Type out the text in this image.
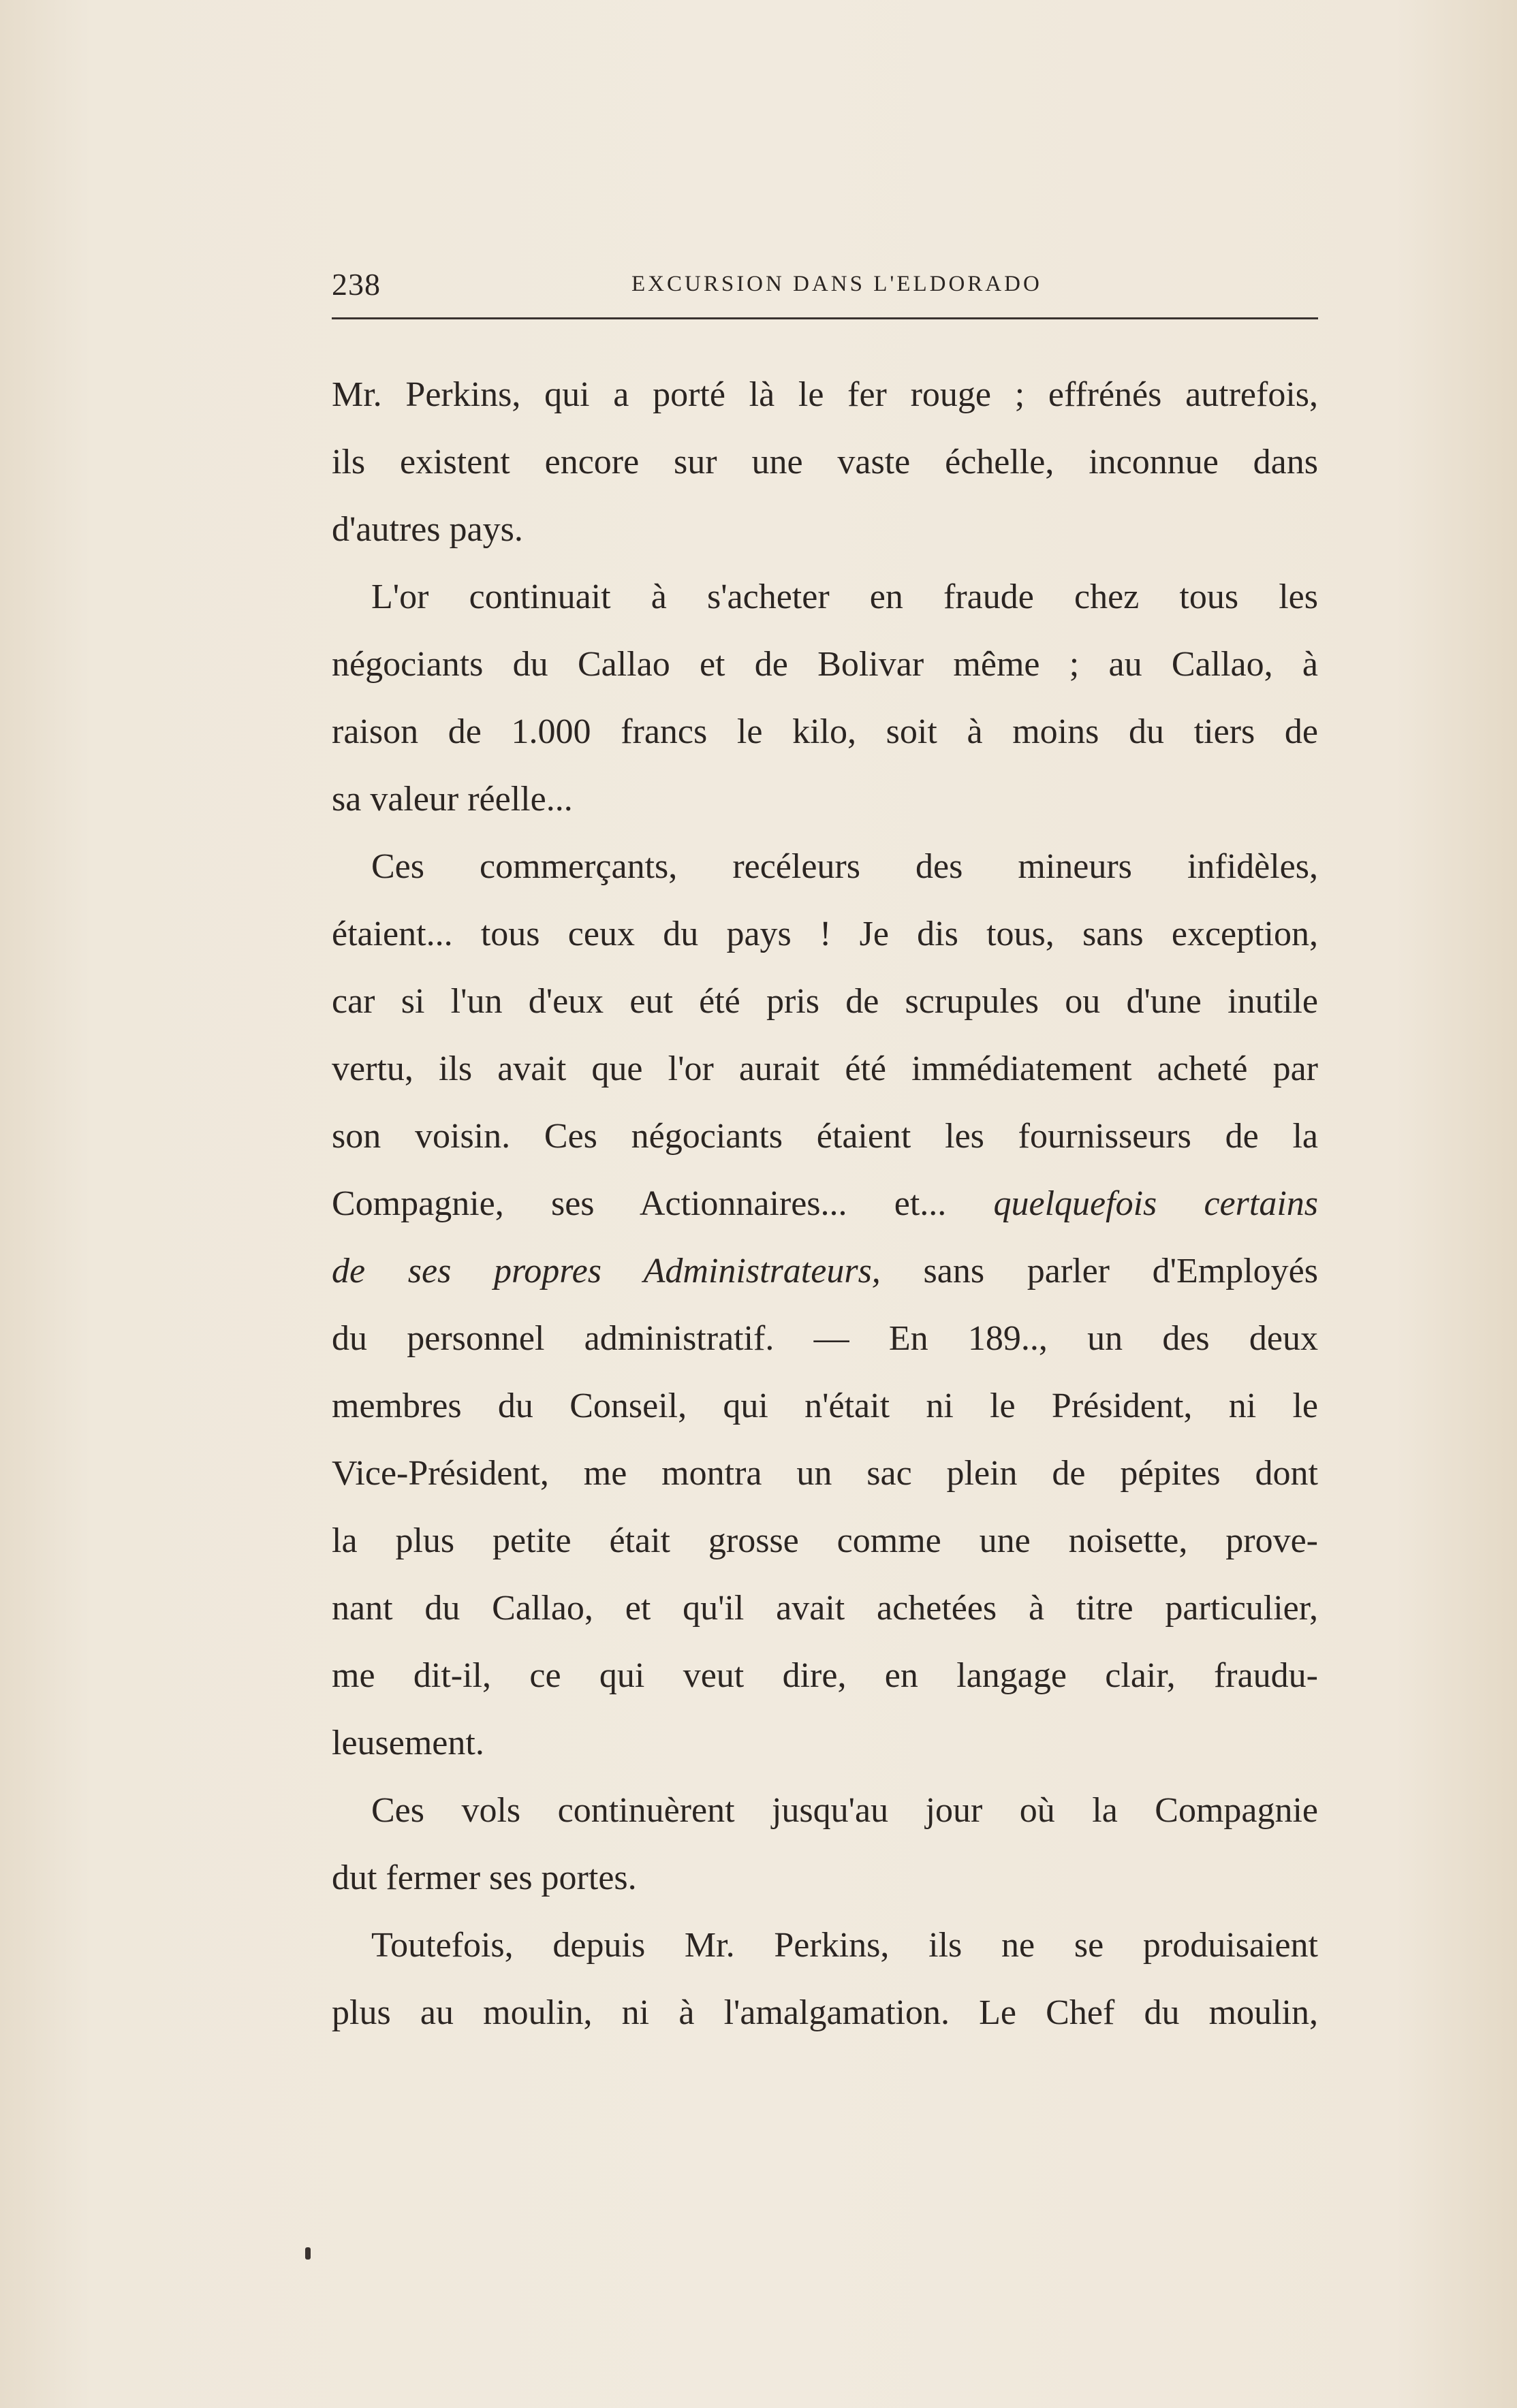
238	EXCURSION DANS L'ELDORADO
Mr. Perkins, qui a porté là le fer rouge ; effrénés autrefois,
ils existent encore sur une vaste échelle, inconnue dans
d'autres pays.
L'or continuait à s'acheter en fraude chez tous les
négociants du Callao et de Bolivar même ; au Callao, à
raison de 1.000 francs le kilo, soit à moins du tiers de
sa valeur réelle...
Ces commerçants, recéleurs des mineurs infidèles,
étaient... tous ceux du pays ! Je dis tous, sans exception,
car si l'un d'eux eut été pris de scrupules ou d'une inutile
vertu, ils avait que l'or aurait été immédiatement acheté par
son voisin. Ces négociants étaient les fournisseurs de la
Compagnie, ses Actionnaires... et... quelquefois certains
de ses propres Administrateurs, sans parler d'Employés
du personnel administratif. — En 189.., un des deux
membres du Conseil, qui n'était ni le Président, ni le
Vice-Président, me montra un sac plein de pépites dont
la plus petite était grosse comme une noisette, prove-
nant du Callao, et qu'il avait achetées à titre particulier,
me dit-il, ce qui veut dire, en langage clair, fraudu-
leusement.
Ces vols continuèrent jusqu'au jour où la Compagnie
dut fermer ses portes.
Toutefois, depuis Mr. Perkins, ils ne se produisaient
plus au moulin, ni à l'amalgamation. Le Chef du moulin,
